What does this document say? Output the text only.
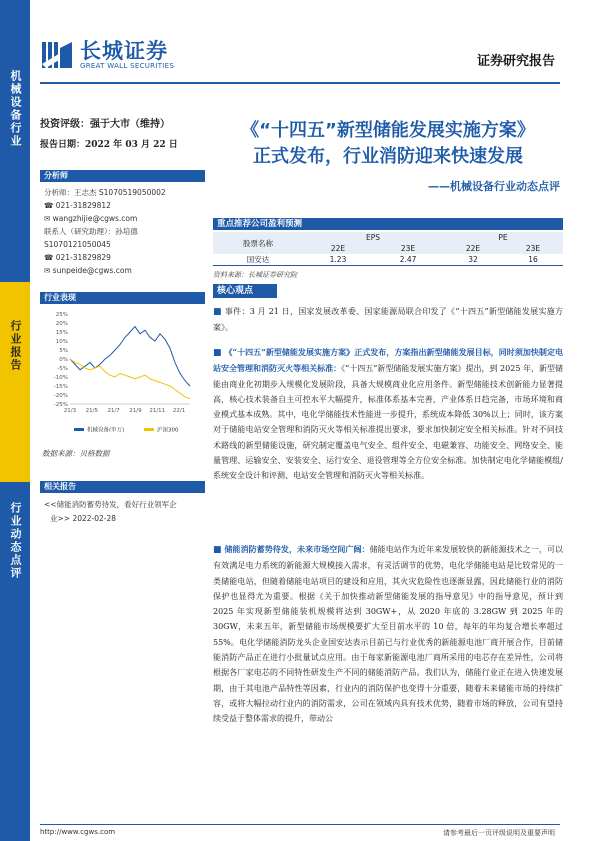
机械设备行业
行业报告
行业动态点评
长城证券
GREAT WALL SECURITIES	证券研究报告
投资评级：强于大市（维持）
报告日期：2022 年 03 月 22 日
分析师
分析师：王志杰 S1070519050002
☎ 021-31829812
✉ wangzhijie@cgws.com
联系人（研究助理）：孙培德
S1070121050045
☎ 021-31829829
✉ sunpeide@cgws.com
行业表现
25%
20%
15%
10%
5%
0%
-5%
-10%
-15%
-20%
-25%
21/3 21/5 21/7 21/9 21/11 22/1
机械设备(申万)	沪深300
数据来源：贝格数据
相关报告
<<储能消防蓄势待发，看好行业领军企
业>> 2022-02-28
《“十四五”新型储能发展实施方案》
正式发布，行业消防迎来快速发展
——机械设备行业动态点评
重点推荐公司盈利预测
股票名称	EPS		PE	
	22E	23E	22E	23E
国安达	1.23	2.47	32	16
资料来源：长城证券研究院
核心观点
■ 事件：3 月 21 日，国家发展改革委、国家能源局联合印发了《“十四五”新型储能发展实施方案》。
■ 《“十四五”新型储能发展实施方案》正式发布，方案指出新型储能发展目标，同时须加快制定电站安全管理和消防灭火等相关标准：《“十四五”新型储能发展实施方案》提出，到 2025 年，新型储能由商业化初期步入规模化发展阶段，具备大规模商业化应用条件。新型储能技术创新能力显著提高，核心技术装备自主可控水平大幅提升，标准体系基本完善，产业体系日趋完备，市场环境和商业模式基本成熟。其中，电化学储能技术性能进一步提升，系统成本降低 30%以上；同时，该方案对于储能电站安全管理和消防灭火等相关标准提出要求，要求加快制定安全相关标准。针对不同技术路线的新型储能设施，研究制定覆盖电气安全、组件安全、电磁兼容、功能安全、网络安全、能量管理、运输安全、安装安全、运行安全、退役管理等全方位安全标准。加快制定电化学储能模组/系统安全设计和评测、电站安全管理和消防灭火等相关标准。
■ 储能消防蓄势待发，未来市场空间广阔：储能电站作为近年来发展较快的新能源技术之一，可以有效满足电力系统的新能源大规模接入需求，有灵活调节的优势，电化学储能电站是比较常见的一类储能电站，但随着储能电站项目的建设和应用，其火灾危险性也逐渐显露，因此储能行业的消防保护也显得尤为重要。根据《关于加快推动新型储能发展的指导意见》中的指导意见，预计到 2025 年实现新型储能装机规模将达到 30GW+，从 2020 年底的 3.28GW 到 2025 年的 30GW，未来五年，新型储能市场规模要扩大至目前水平的 10 倍，每年的年均复合增长率超过 55%。电化学储能消防龙头企业国安达表示目前已与行业优秀的新能源电池厂商开展合作，目前储能消防产品正在进行小批量试点应用。由于每家新能源电池厂商所采用的电芯存在差异性，公司将根据各厂家电芯的不同特性研发生产不同的储能消防产品。我们认为，储能行业正在进入快速发展期，由于其电池产品特性等因素，行业内的消防保护也变得十分重要，随着未来储能市场的持续扩容，或将大幅拉动行业内的消防需求，公司在领域内具有技术优势，随着市场的释放，公司有望持续受益于整体需求的提升，带动公
http://www.cgws.com	请参考最后一页评级说明及重要声明
